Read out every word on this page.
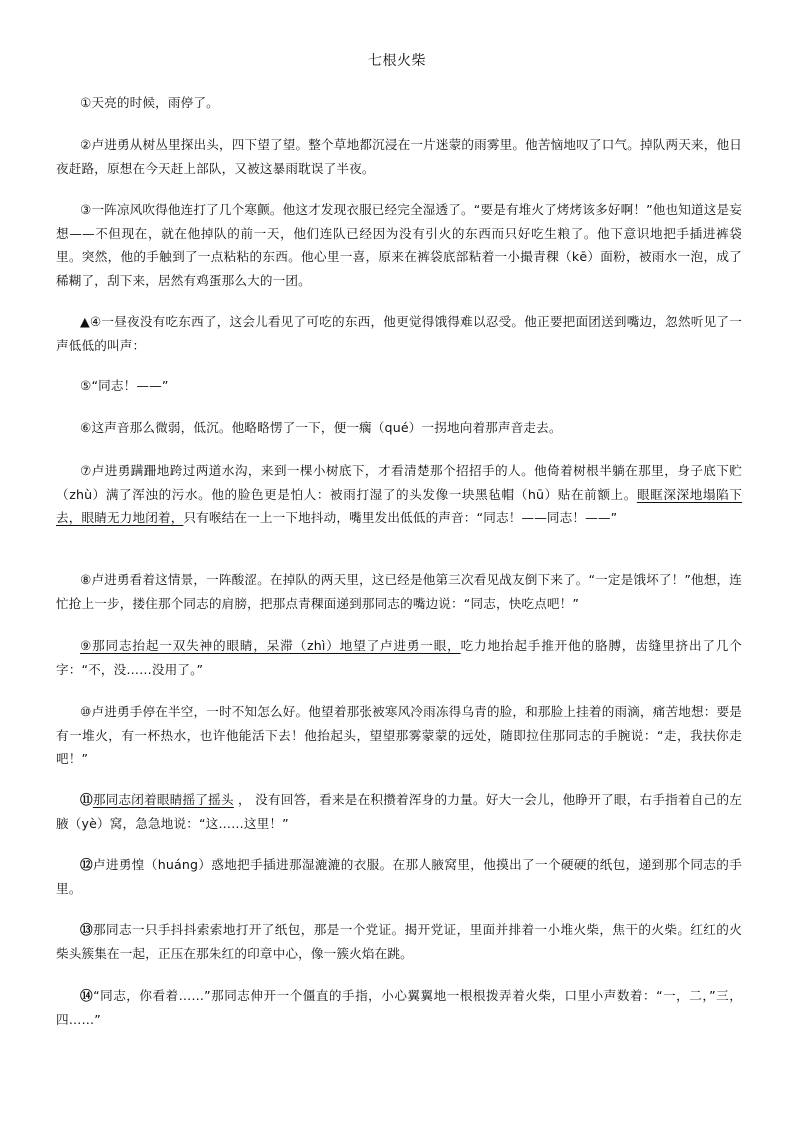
七根火柴

①天亮的时候，雨停了。

②卢进勇从树丛里探出头，四下望了望。整个草地都沉浸在一片迷蒙的雨雾里。他苦恼地叹了口气。掉队两天来，他日夜赶路，原想在今天赶上部队，又被这暴雨耽误了半夜。

③一阵凉风吹得他连打了几个寒颤。他这才发现衣服已经完全湿透了。“要是有堆火了烤烤该多好啊！”他也知道这是妄想——不但现在，就在他掉队的前一天，他们连队已经因为没有引火的东西而只好吃生粮了。他下意识地把手插进裤袋里。突然，他的手触到了一点粘粘的东西。他心里一喜，原来在裤袋底部粘着一小撮青稞（kē）面粉，被雨水一泡，成了稀糊了，刮下来，居然有鸡蛋那么大的一团。

▲④一昼夜没有吃东西了，这会儿看见了可吃的东西，他更觉得饿得难以忍受。他正要把面团送到嘴边，忽然听见了一声低低的叫声：

⑤“同志！——”

⑥这声音那么微弱，低沉。他略略愣了一下，便一瘸（qué）一拐地向着那声音走去。

⑦卢进勇蹒跚地跨过两道水沟，来到一棵小树底下，才看清楚那个招招手的人。他倚着树根半躺在那里，身子底下贮（zhù）满了浑浊的污水。他的脸色更是怕人：被雨打湿了的头发像一块黑毡帽（hū）贴在前额上。眼眶深深地塌陷下去，眼睛无力地闭着，只有喉结在一上一下地抖动，嘴里发出低低的声音：“同志！——同志！——”

⑧卢进勇看着这情景，一阵酸涩。在掉队的两天里，这已经是他第三次看见战友倒下来了。“一定是饿坏了！”他想，连忙抢上一步，搂住那个同志的肩膀，把那点青稞面递到那同志的嘴边说：“同志，快吃点吧！”

⑨那同志抬起一双失神的眼睛，呆滞（zhì）地望了卢进勇一眼，吃力地抬起手推开他的胳膊，齿缝里挤出了几个字：“不，没……没用了。”

⑩卢进勇手停在半空，一时不知怎么好。他望着那张被寒风冷雨冻得乌青的脸，和那脸上挂着的雨滴，痛苦地想：要是有一堆火，有一杯热水，也许他能活下去！他抬起头，望望那雾蒙蒙的远处，随即拉住那同志的手腕说：“走，我扶你走吧！”

⑪那同志闭着眼睛摇了摇头 ， 没有回答，看来是在积攒着浑身的力量。好大一会儿，他睁开了眼，右手指着自己的左腋（yè）窝，急急地说：“这……这里！”

⑫卢进勇惶（huáng）惑地把手插进那湿漉漉的衣服。在那人腋窝里，他摸出了一个硬硬的纸包，递到那个同志的手里。

⑬那同志一只手抖抖索索地打开了纸包，那是一个党证。揭开党证，里面并排着一小堆火柴，焦干的火柴。红红的火柴头簇集在一起，正压在那朱红的印章中心，像一簇火焰在跳。

⑭“同志，你看着……”那同志伸开一个僵直的手指，小心翼翼地一根根拨弄着火柴，口里小声数着：“一，二，”三，四……”
